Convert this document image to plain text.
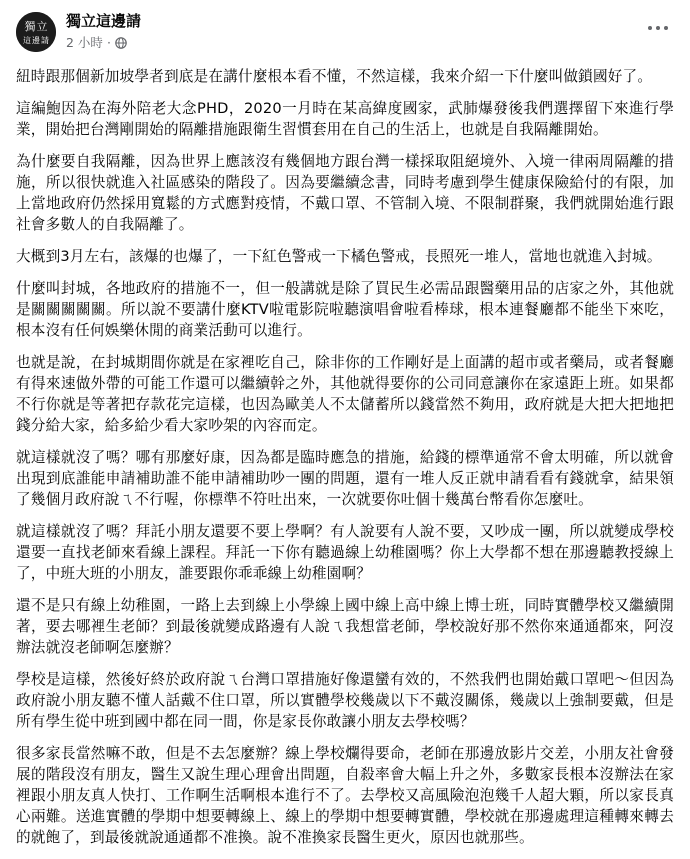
獨 立
這 邊 請
獨立這邊請
2 小時 ·

紐時跟那個新加坡學者到底是在講什麼根本看不懂，不然這樣，我來介紹一下什麼叫做鎖國好了。

這編鮑因為在海外陪老大念PHD，2020一月時在某高緯度國家，武肺爆發後我們選擇留下來進行學業，開始把台灣剛開始的隔離措施跟衛生習慣套用在自己的生活上，也就是自我隔離開始。

為什麼要自我隔離，因為世界上應該沒有幾個地方跟台灣一樣採取阻絕境外、入境一律兩周隔離的措施，所以很快就進入社區感染的階段了。因為要繼續念書，同時考慮到學生健康保險給付的有限，加上當地政府仍然採用寬鬆的方式應對疫情，不戴口罩、不管制入境、不限制群聚，我們就開始進行跟社會多數人的自我隔離了。

大概到3月左右，該爆的也爆了，一下紅色警戒一下橘色警戒，長照死一堆人，當地也就進入封城。

什麼叫封城，各地政府的措施不一，但一般講就是除了買民生必需品跟醫藥用品的店家之外，其他就是關關關關關。所以說不要講什麼KTV啦電影院啦聽演唱會啦看棒球，根本連餐廳都不能坐下來吃，根本沒有任何娛樂休閒的商業活動可以進行。

也就是說，在封城期間你就是在家裡吃自己，除非你的工作剛好是上面講的超市或者藥局，或者餐廳有得來速做外帶的可能工作還可以繼續幹之外，其他就得要你的公司同意讓你在家遠距上班。如果都不行你就是等著把存款花完這樣，也因為歐美人不太儲蓄所以錢當然不夠用，政府就是大把大把地把錢分給大家，給多給少看大家吵架的內容而定。

就這樣就沒了嗎？哪有那麼好康，因為都是臨時應急的措施，給錢的標準通常不會太明確，所以就會出現到底誰能申請補助誰不能申請補助吵一團的問題，還有一堆人反正就申請看看有錢就拿，結果領了幾個月政府說ㄟ不行喔，你標準不符吐出來，一次就要你吐個十幾萬台幣看你怎麼吐。

就這樣就沒了嗎？拜託小朋友還要不要上學啊？有人說要有人說不要，又吵成一團，所以就變成學校還要一直找老師來看線上課程。拜託一下你有聽過線上幼稚園嗎？你上大學都不想在那邊聽教授線上了，中班大班的小朋友，誰要跟你乖乖線上幼稚園啊？

還不是只有線上幼稚園，一路上去到線上小學線上國中線上高中線上博士班，同時實體學校又繼續開著，要去哪裡生老師？到最後就變成路邊有人說ㄟ我想當老師，學校說好那不然你來通通都來，阿沒辦法就沒老師啊怎麼辦？

學校是這樣，然後好終於政府說ㄟ台灣口罩措施好像還蠻有效的，不然我們也開始戴口罩吧～但因為政府說小朋友聽不懂人話戴不住口罩，所以實體學校幾歲以下不戴沒關係，幾歲以上強制要戴，但是所有學生從中班到國中都在同一間，你是家長你敢讓小朋友去學校嗎？

很多家長當然嘛不敢，但是不去怎麼辦？線上學校爛得要命，老師在那邊放影片交差，小朋友社會發展的階段沒有朋友，醫生又說生理心理會出問題，自殺率會大幅上升之外，多數家長根本沒辦法在家裡跟小朋友真人快打、工作啊生活啊根本進行不了。去學校又高風險泡泡幾千人超大顆，所以家長真心兩難。送進實體的學期中想要轉線上、線上的學期中想要轉實體，學校就在那邊處理這種轉來轉去的就飽了，到最後就說通通都不准換。說不准換家長醫生更火，原因也就那些。
